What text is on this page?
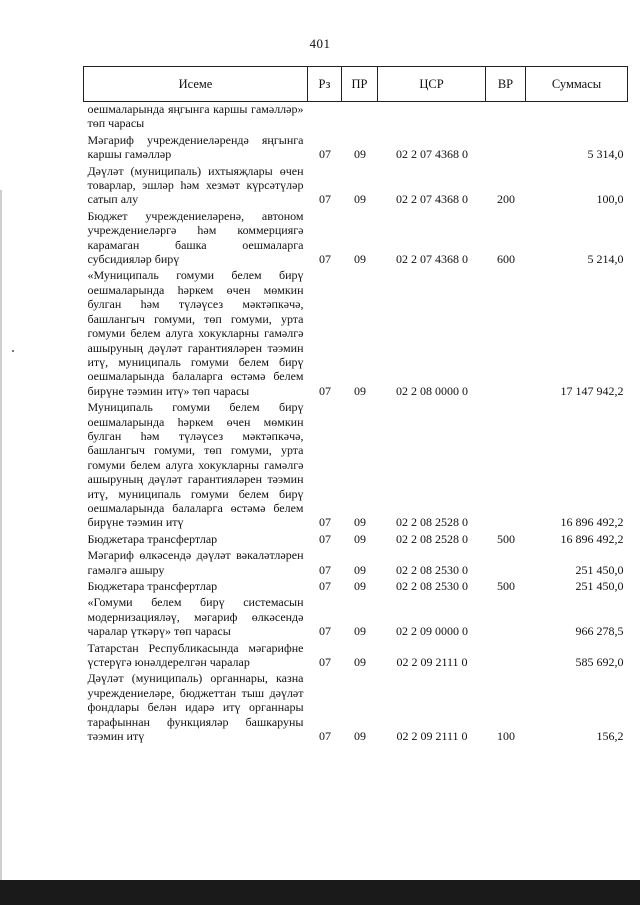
401
Исеме	Рз	ПР	ЦСР	ВР	Суммасы
оешмаларында яңгынга каршы гамәлләр» төп чарасы					
Мәгариф учреждениеләрендә яңгынга каршы гамәлләр	07	09	02 2 07 4368 0		5 314,0
Дәүләт (муниципаль) ихтыяҗлары өчен товарлар, эшләр һәм хезмәт күрсәтүләр сатып алу	07	09	02 2 07 4368 0	200	100,0
Бюджет учреждениеләренә, автоном учреждениеләргә һәм коммерциягә карамаган башка оешмаларга субсидияләр бирү	07	09	02 2 07 4368 0	600	5 214,0
«Муниципаль гомуми белем бирү оешмаларында һәркем өчен мөмкин булган һәм түләүсез мәктәпкәчә, башлангыч гомуми, төп гомуми, урта гомуми белем алуга хокукларны гамәлгә ашыруның дәүләт гарантияләрен тәэмин итү, муниципаль гомуми белем бирү оешмаларында балаларга өстәмә белем бирүне тәэмин итү» төп чарасы	07	09	02 2 08 0000 0		17 147 942,2
Муниципаль гомуми белем бирү оешмаларында һәркем өчен мөмкин булган һәм түләүсез мәктәпкәчә, башлангыч гомуми, төп гомуми, урта гомуми белем алуга хокукларны гамәлгә ашыруның дәүләт гарантияләрен тәэмин итү, муниципаль гомуми белем бирү оешмаларында балаларга өстәмә белем бирүне тәэмин итү	07	09	02 2 08 2528 0		16 896 492,2
Бюджетара трансфертлар	07	09	02 2 08 2528 0	500	16 896 492,2
Мәгариф өлкәсендә дәүләт вәкаләтләрен гамәлгә ашыру	07	09	02 2 08 2530 0		251 450,0
Бюджетара трансфертлар	07	09	02 2 08 2530 0	500	251 450,0
«Гомуми белем бирү системасын модернизацияләү, мәгариф өлкәсендә чаралар үткәрү» төп чарасы	07	09	02 2 09 0000 0		966 278,5
Татарстан Республикасында мәгарифне үстерүгә юнәлдерелгән чаралар	07	09	02 2 09 2111 0		585 692,0
Дәүләт (муниципаль) органнары, казна учреждениеләре, бюджеттан тыш дәүләт фондлары белән идарә итү органнары тарафыннан функцияләр башкаруны тәэмин итү	07	09	02 2 09 2111 0	100	156,2
